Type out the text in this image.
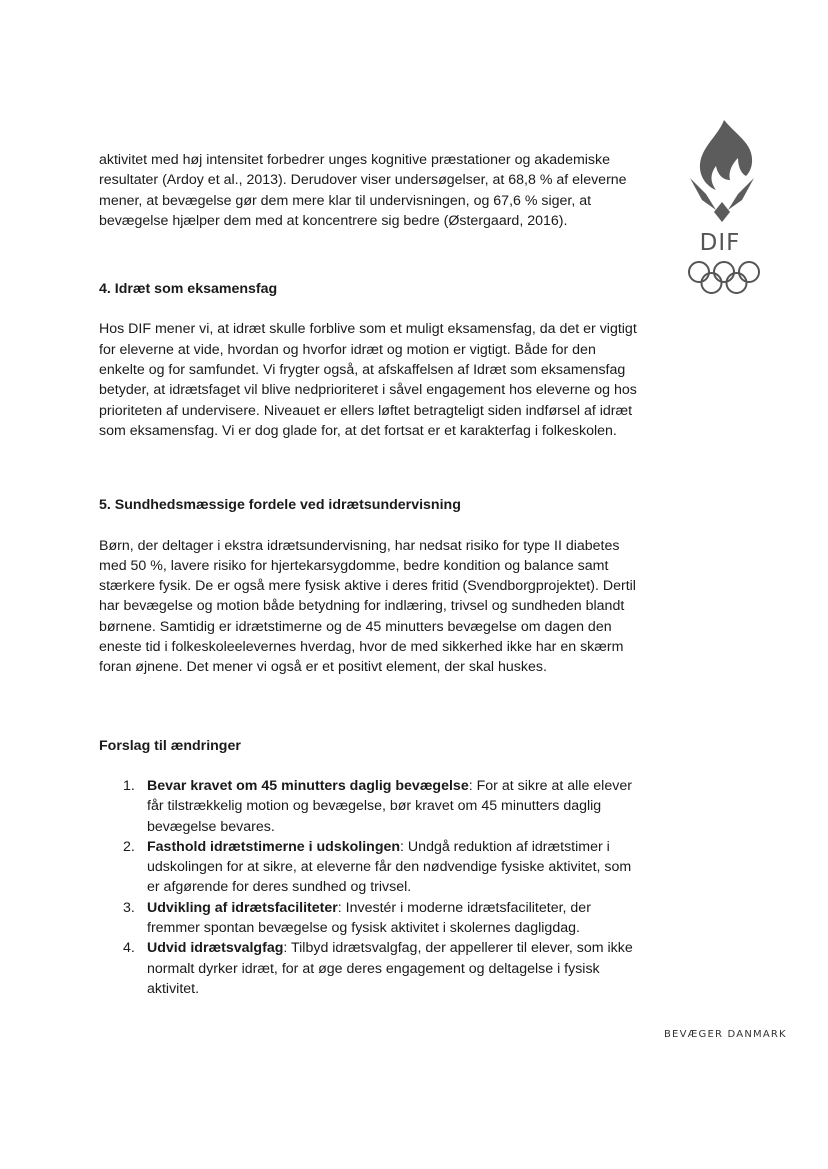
DIF

aktivitet med høj intensitet forbedrer unges kognitive præstationer og akademiske resultater (Ardoy et al., 2013). Derudover viser undersøgelser, at 68,8 % af eleverne mener, at bevægelse gør dem mere klar til undervisningen, og 67,6 % siger, at bevægelse hjælper dem med at koncentrere sig bedre (Østergaard, 2016).

4. Idræt som eksamensfag

Hos DIF mener vi, at idræt skulle forblive som et muligt eksamensfag, da det er vigtigt for eleverne at vide, hvordan og hvorfor idræt og motion er vigtigt. Både for den enkelte og for samfundet. Vi frygter også, at afskaffelsen af Idræt som eksamensfag betyder, at idrætsfaget vil blive nedprioriteret i såvel engagement hos eleverne og hos prioriteten af undervisere. Niveauet er ellers løftet betragteligt siden indførsel af idræt som eksamensfag. Vi er dog glade for, at det fortsat er et karakterfag i folkeskolen.

5. Sundhedsmæssige fordele ved idrætsundervisning

Børn, der deltager i ekstra idrætsundervisning, har nedsat risiko for type II diabetes med 50 %, lavere risiko for hjertekarsygdomme, bedre kondition og balance samt stærkere fysik. De er også mere fysisk aktive i deres fritid (Svendborgprojektet). Dertil har bevægelse og motion både betydning for indlæring, trivsel og sundheden blandt børnene. Samtidig er idrætstimerne og de 45 minutters bevægelse om dagen den eneste tid i folkeskoleelevernes hverdag, hvor de med sikkerhed ikke har en skærm foran øjnene. Det mener vi også er et positivt element, der skal huskes.

Forslag til ændringer

1. Bevar kravet om 45 minutters daglig bevægelse: For at sikre at alle elever får tilstrækkelig motion og bevægelse, bør kravet om 45 minutters daglig bevægelse bevares.
2. Fasthold idrætstimerne i udskolingen: Undgå reduktion af idrætstimer i udskolingen for at sikre, at eleverne får den nødvendige fysiske aktivitet, som er afgørende for deres sundhed og trivsel.
3. Udvikling af idrætsfaciliteter: Investér i moderne idrætsfaciliteter, der fremmer spontan bevægelse og fysisk aktivitet i skolernes dagligdag.
4. Udvid idrætsvalgfag: Tilbyd idrætsvalgfag, der appellerer til elever, som ikke normalt dyrker idræt, for at øge deres engagement og deltagelse i fysisk aktivitet.
BEVÆGER DANMARK
